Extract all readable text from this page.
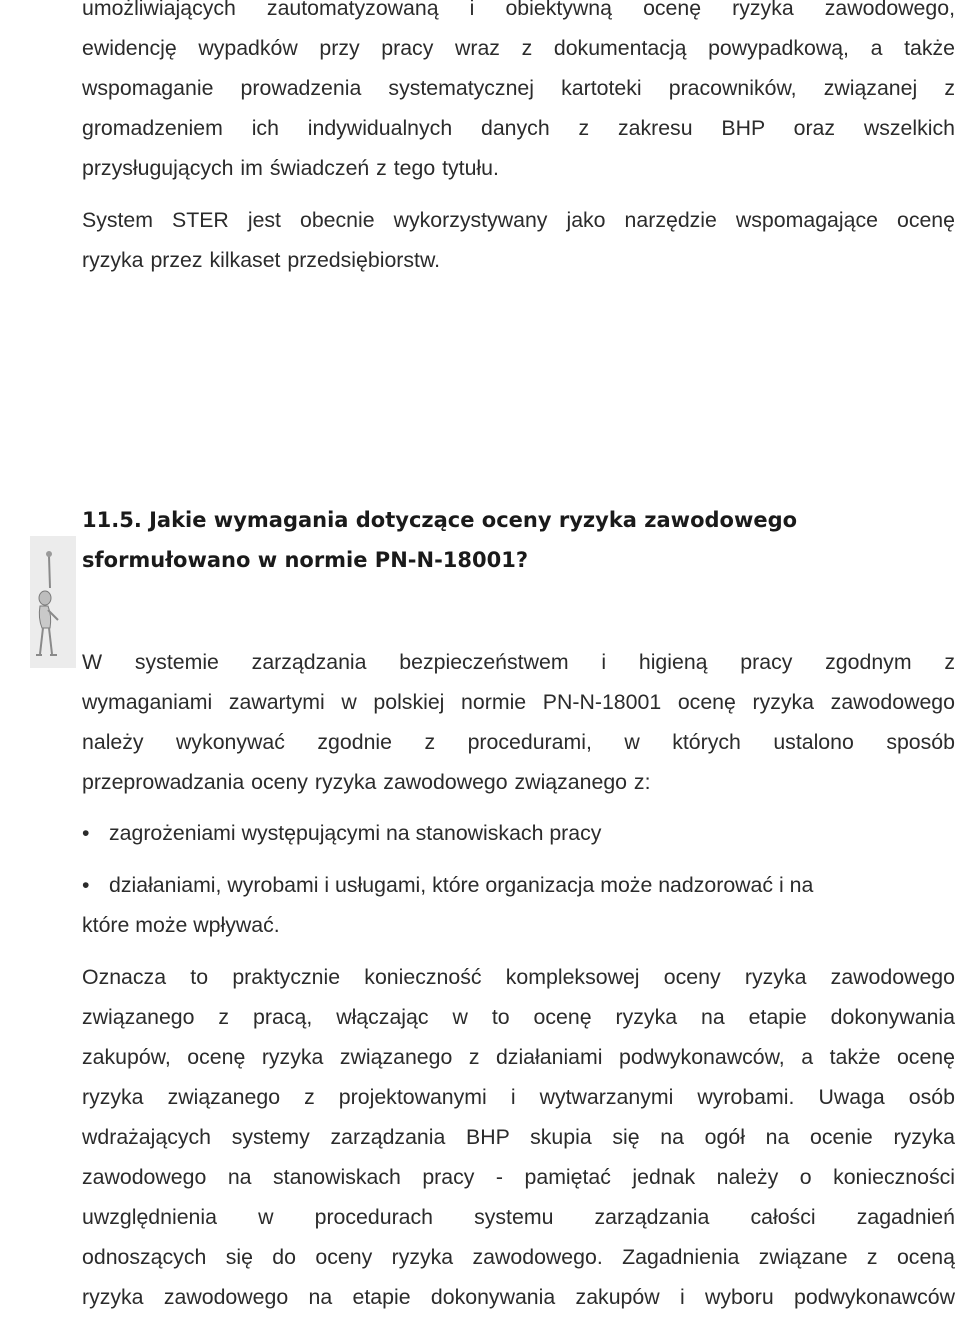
umożliwiających zautomatyzowaną i obiektywną ocenę ryzyka zawodowego,
ewidencję wypadków przy pracy wraz z dokumentacją powypadkową, a także
wspomaganie prowadzenia systematycznej kartoteki pracowników, związanej z
gromadzeniem ich indywidualnych danych z zakresu BHP oraz wszelkich
przysługujących im świadczeń z tego tytułu.

System STER jest obecnie wykorzystywany jako narzędzie wspomagające ocenę
ryzyka przez kilkaset przedsiębiorstw.

11.5. Jakie wymagania dotyczące oceny ryzyka zawodowego
sformułowano w normie PN-N-18001?

W systemie zarządzania bezpieczeństwem i higieną pracy zgodnym z
wymaganiami zawartymi w polskiej normie PN-N-18001 ocenę ryzyka zawodowego
należy wykonywać zgodnie z procedurami, w których ustalono sposób
przeprowadzania oceny ryzyka zawodowego związanego z:

• zagrożeniami występującymi na stanowiskach pracy
• działaniami, wyrobami i usługami, które organizacja może nadzorować i na
które może wpływać.

Oznacza to praktycznie konieczność kompleksowej oceny ryzyka zawodowego
związanego z pracą, włączając w to ocenę ryzyka na etapie dokonywania
zakupów, ocenę ryzyka związanego z działaniami podwykonawców, a także ocenę
ryzyka związanego z projektowanymi i wytwarzanymi wyrobami. Uwaga osób
wdrażających systemy zarządzania BHP skupia się na ogół na ocenie ryzyka
zawodowego na stanowiskach pracy - pamiętać jednak należy o konieczności
uwzględnienia w procedurach systemu zarządzania całości zagadnień
odnoszących się do oceny ryzyka zawodowego. Zagadnienia związane z oceną
ryzyka zawodowego na etapie dokonywania zakupów i wyboru podwykonawców
